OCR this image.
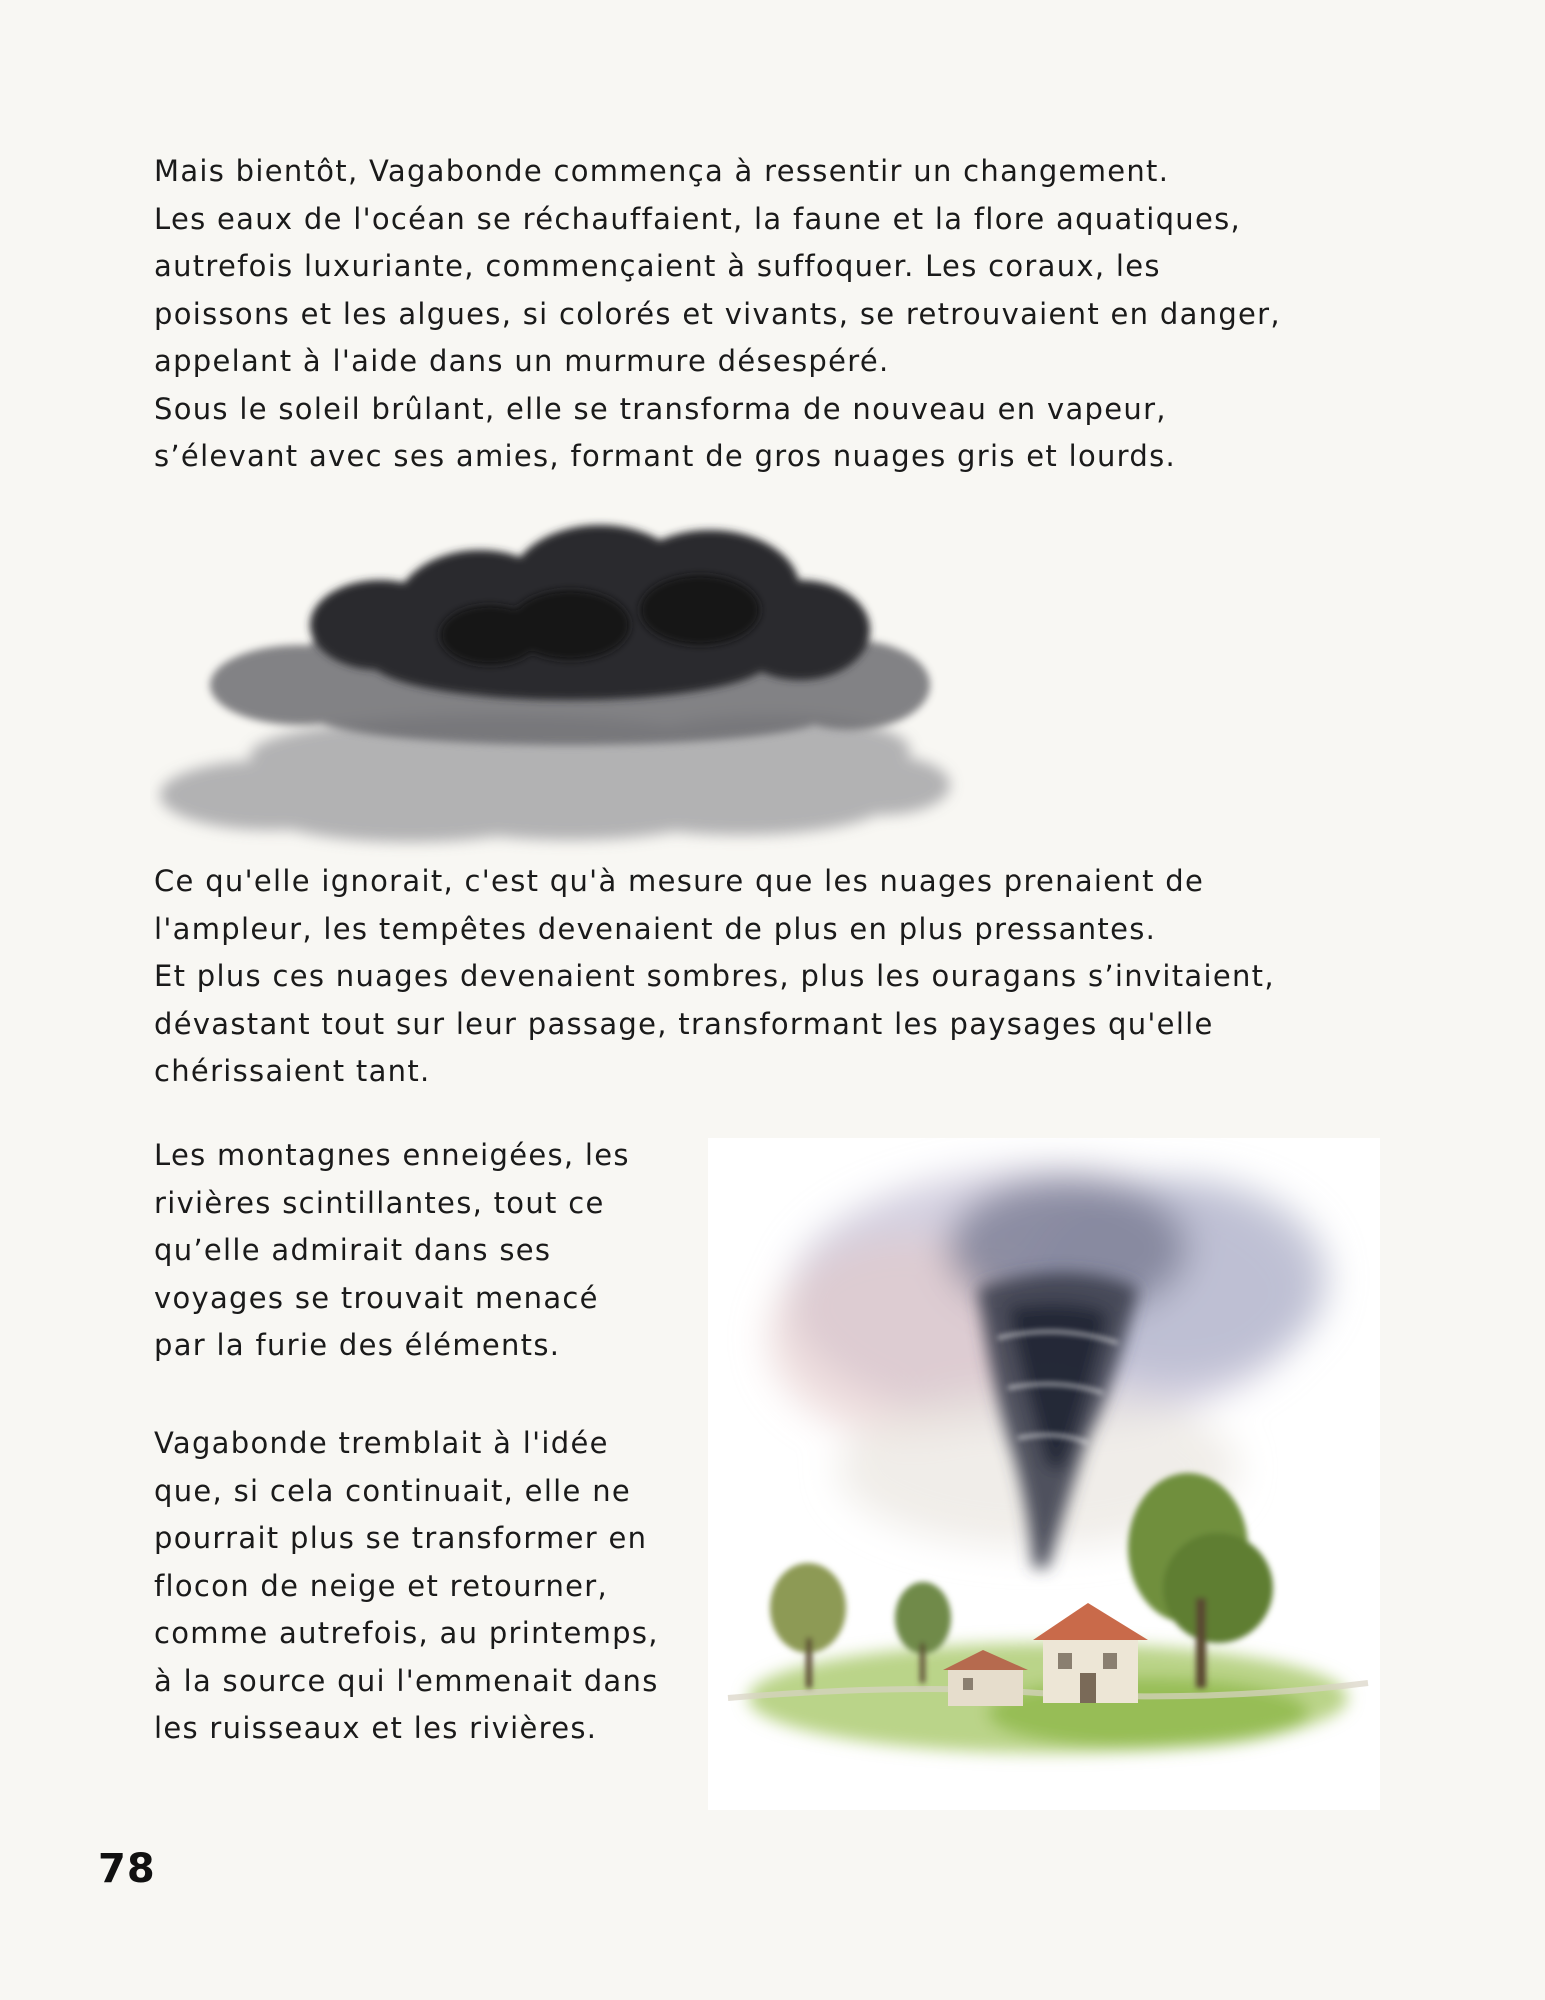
Mais bientôt, Vagabonde commença à ressentir un changement.
Les eaux de l'océan se réchauffaient, la faune et la flore aquatiques,
autrefois luxuriante, commençaient à suffoquer. Les coraux, les
poissons et les algues, si colorés et vivants, se retrouvaient en danger,
appelant à l'aide dans un murmure désespéré.
Sous le soleil brûlant, elle se transforma de nouveau en vapeur,
s’élevant avec ses amies, formant de gros nuages gris et lourds.
Ce qu'elle ignorait, c'est qu'à mesure que les nuages prenaient de
l'ampleur, les tempêtes devenaient de plus en plus pressantes.
Et plus ces nuages devenaient sombres, plus les ouragans s’invitaient,
dévastant tout sur leur passage, transformant les paysages qu'elle
chérissaient tant.
Les montagnes enneigées, les
rivières scintillantes, tout ce
qu’elle admirait dans ses
voyages se trouvait menacé
par la furie des éléments.
Vagabonde tremblait à l'idée
que, si cela continuait, elle ne
pourrait plus se transformer en
flocon de neige et retourner,
comme autrefois, au printemps,
à la source qui l'emmenait dans
les ruisseaux et les rivières.
78
